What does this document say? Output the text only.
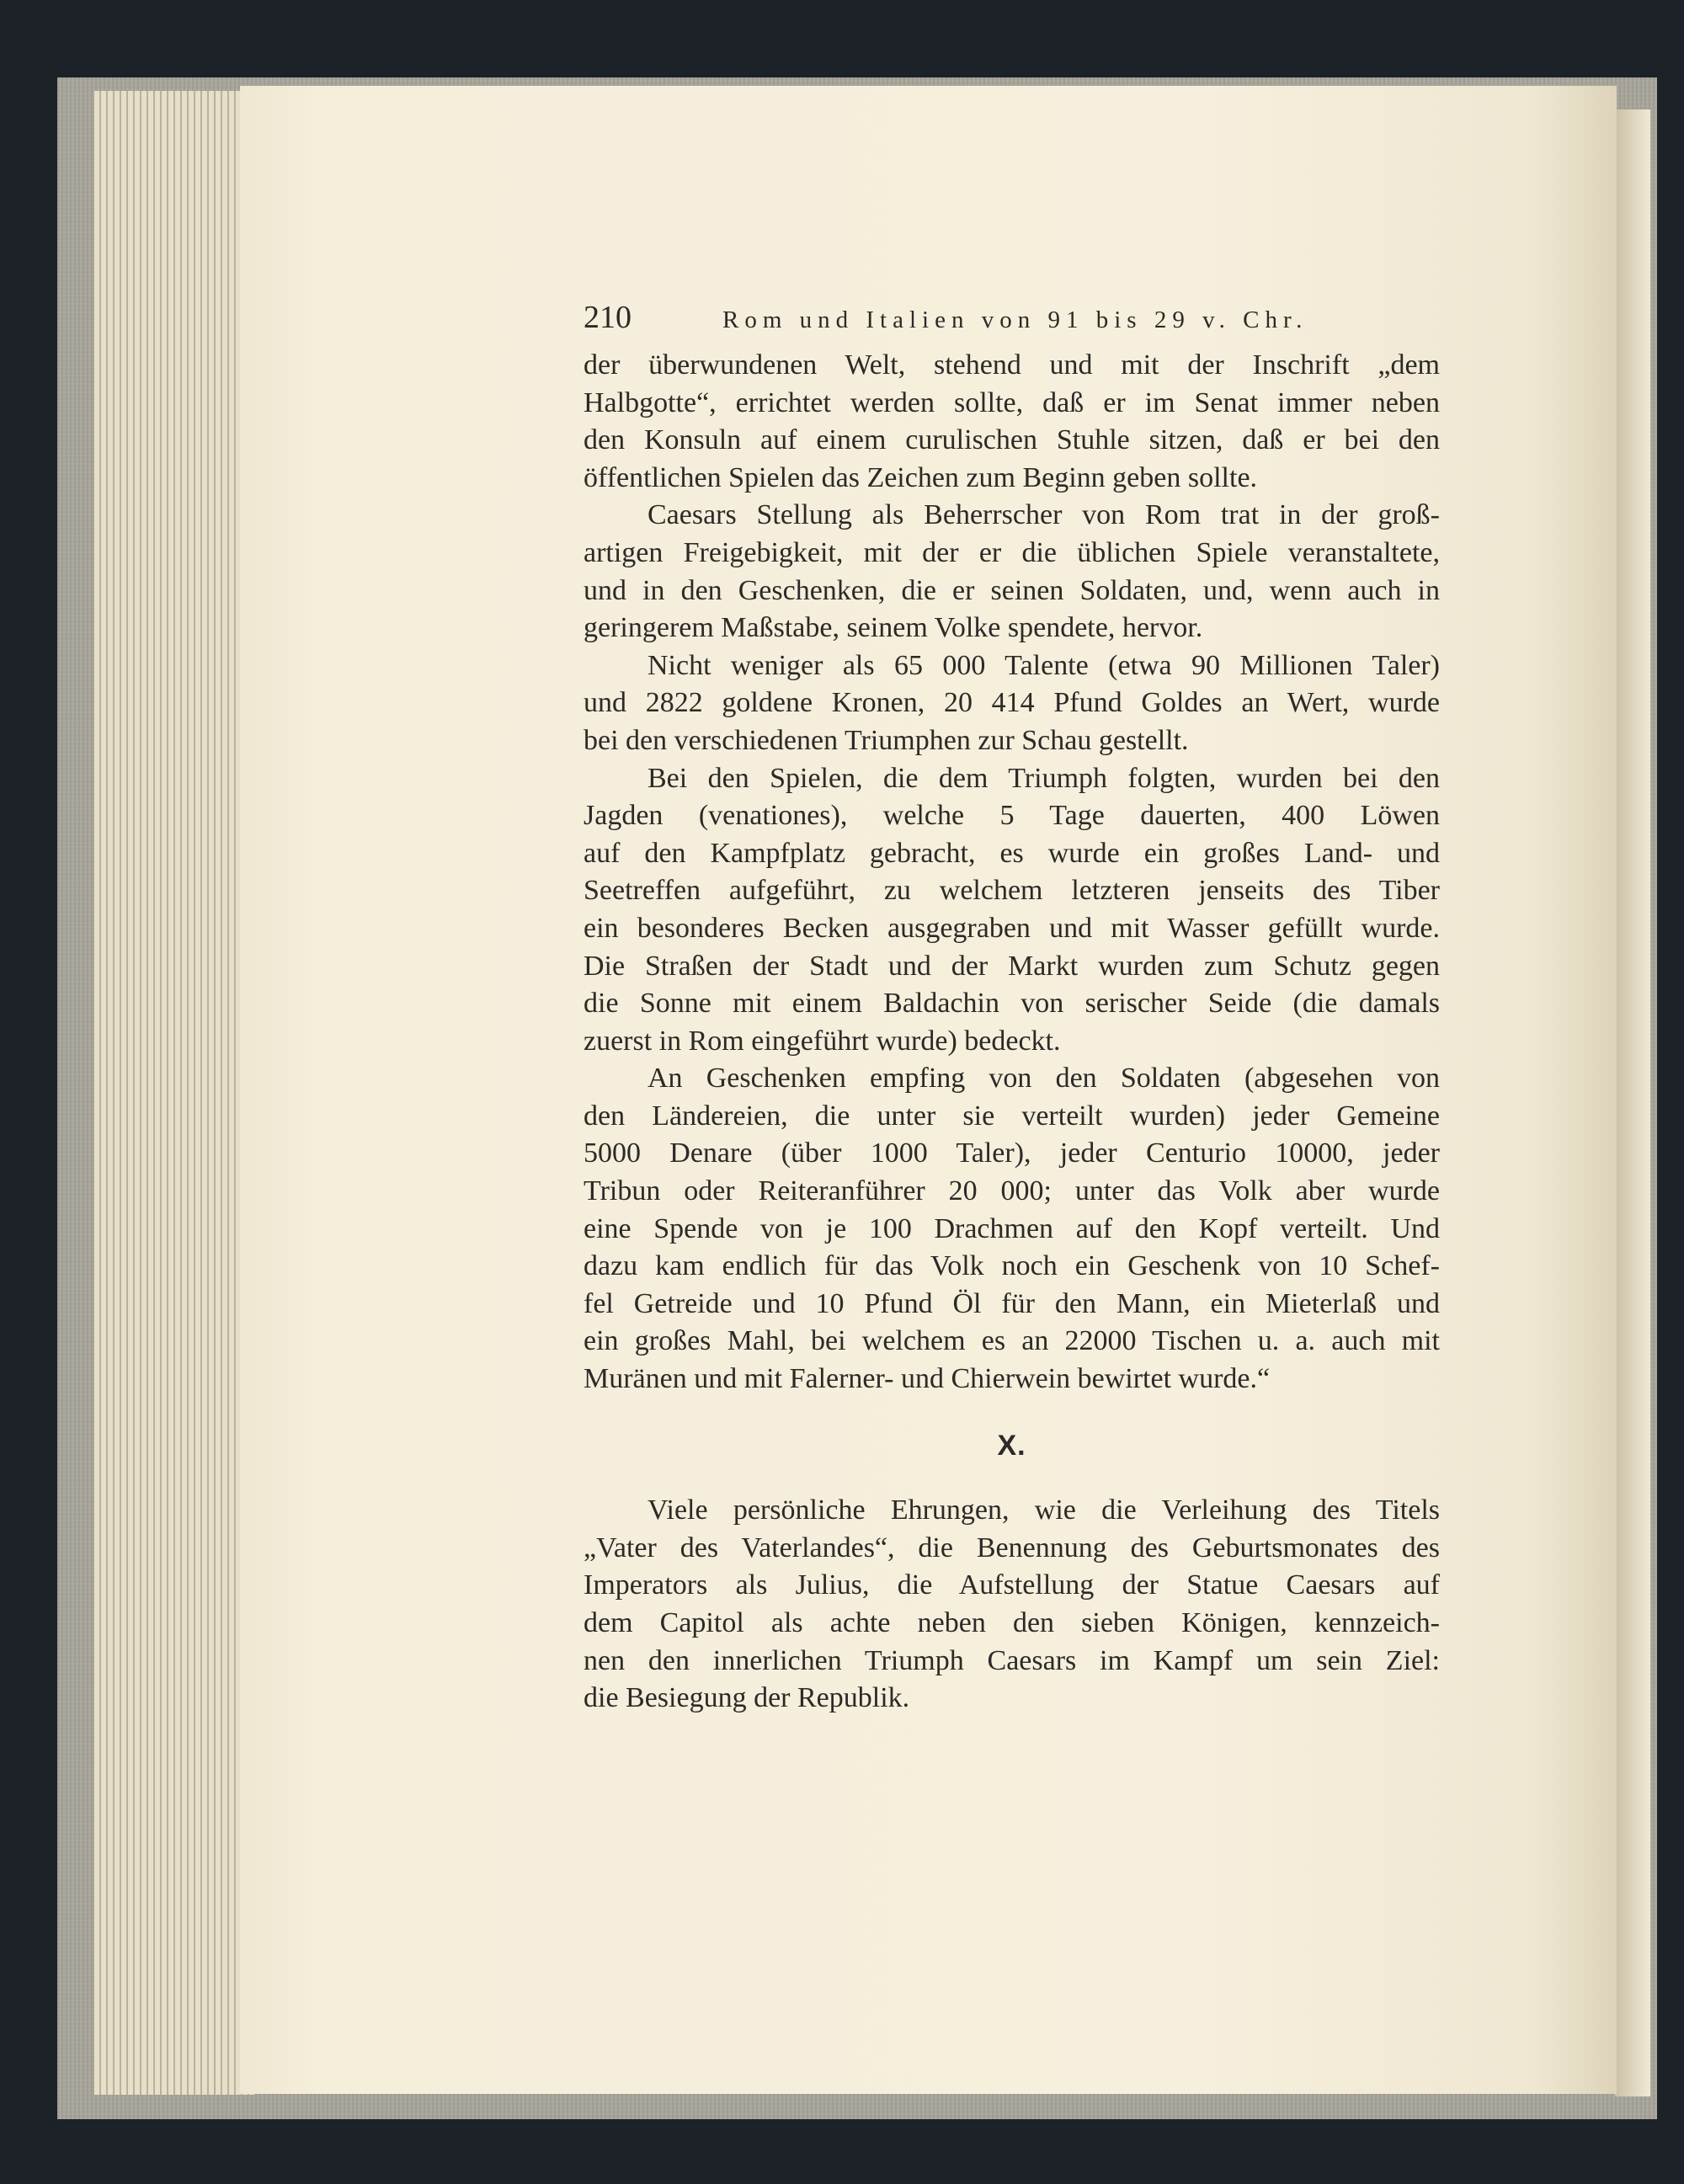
210	Rom und Italien von 91 bis 29 v. Chr.
der überwundenen Welt, stehend und mit der Inschrift „dem
Halbgotte“, errichtet werden sollte, daß er im Senat immer neben
den Konsuln auf einem curulischen Stuhle sitzen, daß er bei den
öffentlichen Spielen das Zeichen zum Beginn geben sollte.
Caesars Stellung als Beherrscher von Rom trat in der groß-
artigen Freigebigkeit, mit der er die üblichen Spiele veranstaltete,
und in den Geschenken, die er seinen Soldaten, und, wenn auch in
geringerem Maßstabe, seinem Volke spendete, hervor.
Nicht weniger als 65 000 Talente (etwa 90 Millionen Taler)
und 2822 goldene Kronen, 20 414 Pfund Goldes an Wert, wurde
bei den verschiedenen Triumphen zur Schau gestellt.
Bei den Spielen, die dem Triumph folgten, wurden bei den
Jagden (venationes), welche 5 Tage dauerten, 400 Löwen
auf den Kampfplatz gebracht, es wurde ein großes Land- und
Seetreffen aufgeführt, zu welchem letzteren jenseits des Tiber
ein besonderes Becken ausgegraben und mit Wasser gefüllt wurde.
Die Straßen der Stadt und der Markt wurden zum Schutz gegen
die Sonne mit einem Baldachin von serischer Seide (die damals
zuerst in Rom eingeführt wurde) bedeckt.
An Geschenken empfing von den Soldaten (abgesehen von
den Ländereien, die unter sie verteilt wurden) jeder Gemeine
5000 Denare (über 1000 Taler), jeder Centurio 10000, jeder
Tribun oder Reiteranführer 20 000; unter das Volk aber wurde
eine Spende von je 100 Drachmen auf den Kopf verteilt. Und
dazu kam endlich für das Volk noch ein Geschenk von 10 Schef-
fel Getreide und 10 Pfund Öl für den Mann, ein Mieterlaß und
ein großes Mahl, bei welchem es an 22000 Tischen u. a. auch mit
Muränen und mit Falerner- und Chierwein bewirtet wurde.“
X.
Viele persönliche Ehrungen, wie die Verleihung des Titels
„Vater des Vaterlandes“, die Benennung des Geburtsmonates des
Imperators als Julius, die Aufstellung der Statue Caesars auf
dem Capitol als achte neben den sieben Königen, kennzeich-
nen den innerlichen Triumph Caesars im Kampf um sein Ziel:
die Besiegung der Republik.
